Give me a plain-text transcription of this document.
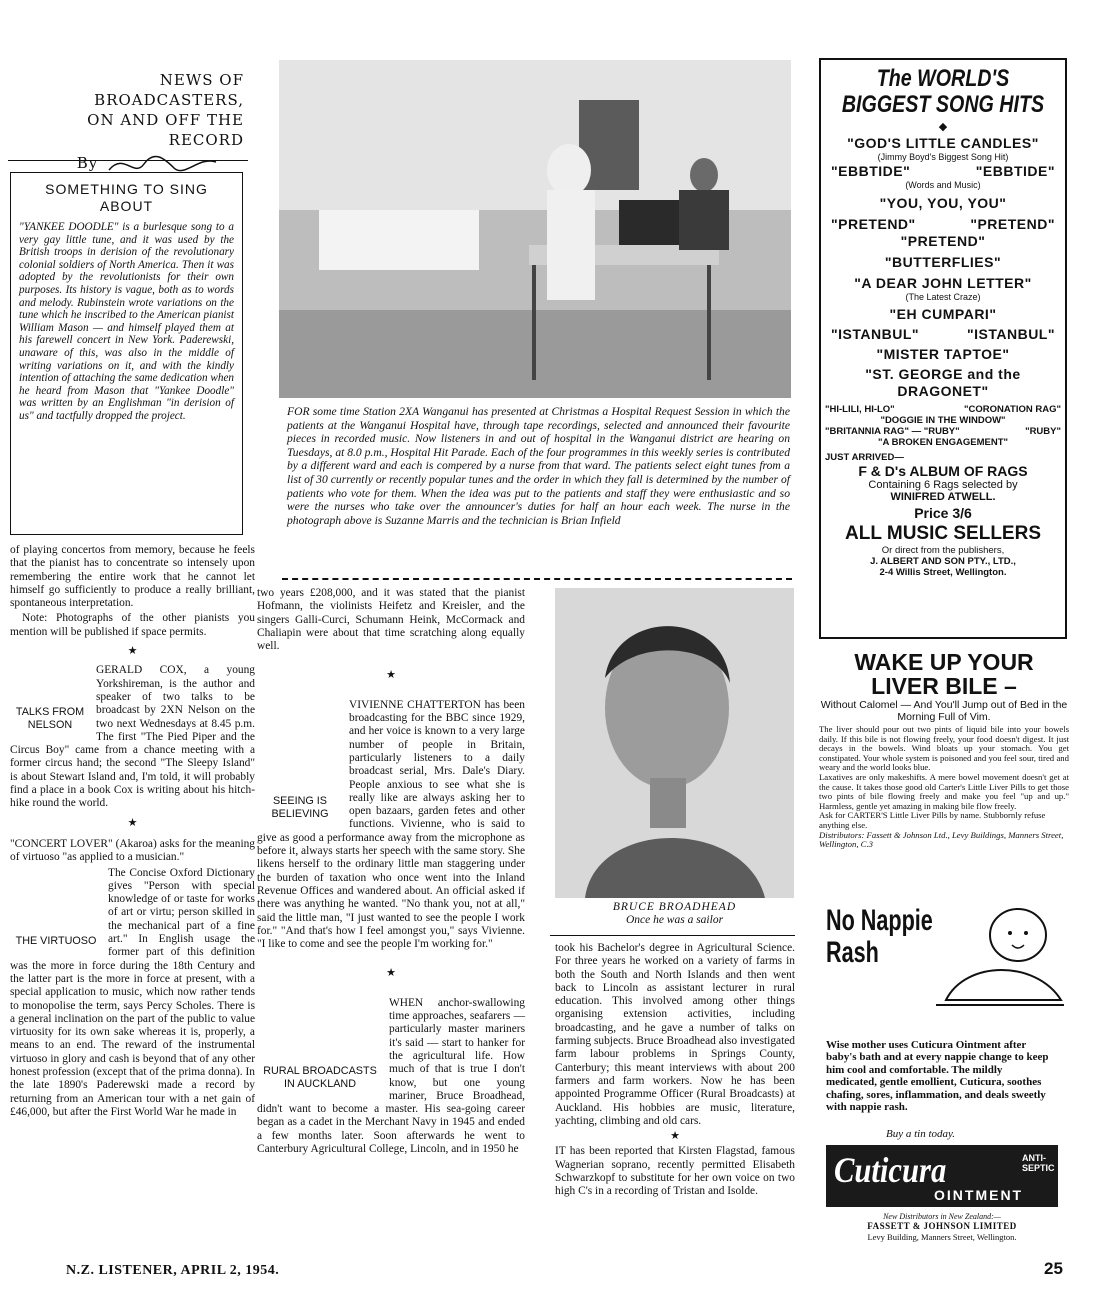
NEWS OF BROADCASTERS,
ON AND OFF THE RECORD
By
SOMETHING TO SING ABOUT
"YANKEE DOODLE" is a burlesque song to a very gay little tune, and it was used by the British troops in derision of the revolutionary colonial soldiers of North America. Then it was adopted by the revolutionists for their own purposes. Its history is vague, both as to words and melody. Rubinstein wrote variations on the tune which he inscribed to the American pianist William Mason — and himself played them at his farewell concert in New York. Paderewski, unaware of this, was also in the middle of writing variations on it, and with the kindly intention of attaching the same dedication when he heard from Mason that "Yankee Doodle" was written by an Englishman "in derision of us" and tactfully dropped the project.

of playing concertos from memory, because he feels that the pianist has to concentrate so intensely upon remembering the entire work that he cannot let himself go sufficiently to produce a really brilliant, spontaneous interpretation.

Note: Photographs of the other pianists you mention will be published if space permits.

★
TALKS FROM NELSON
GERALD COX, a young Yorkshireman, is the author and speaker of two talks to be broadcast by 2XN Nelson on the two next Wednesdays at 8.45 p.m. The first "The Pied Piper and the Circus Boy" came from a chance meeting with a former circus hand; the second "The Sleepy Island" is about Stewart Island and, I'm told, it will probably find a place in a book Cox is writing about his hitch-hike round the world.
★

"CONCERT LOVER" (Akaroa) asks for the meaning of virtuoso "as applied to a musician."

THE VIRTUOSO
The Concise Oxford Dictionary gives "Person with special knowledge of or taste for works of art or virtu; person skilled in the mechanical part of a fine art." In English usage the former part of this definition was the more in force during the 18th Century and the latter part is the more in force at present, with a special application to music, which now rather tends to monopolise the term, says Percy Scholes. There is a general inclination on the part of the public to value virtuosity for its own sake whereas it is, properly, a means to an end. The reward of the instrumental virtuoso in glory and cash is beyond that of any other honest profession (except that of the prima donna). In the late 1890's Paderewski made a record by returning from an American tour with a net gain of £46,000, but after the First World War he made in
FOR some time Station 2XA Wanganui has presented at Christmas a Hospital Request Session in which the patients at the Wanganui Hospital have, through tape recordings, selected and announced their favourite pieces in recorded music. Now listeners in and out of hospital in the Wanganui district are hearing on Tuesdays, at 8.0 p.m., Hospital Hit Parade. Each of the four programmes in this weekly series is contributed by a different ward and each is compered by a nurse from that ward. The patients select eight tunes from a list of 30 currently or recently popular tunes and the order in which they fall is determined by the number of patients who vote for them. When the idea was put to the patients and staff they were enthusiastic and so were the nurses who take over the announcer's duties for half an hour each week. The nurse in the photograph above is Suzanne Marris and the technician is Brian Infield

two years £208,000, and it was stated that the pianist Hofmann, the violinists Heifetz and Kreisler, and the singers Galli-Curci, Schumann Heink, McCormack and Chaliapin were about that time scratching along equally well.

★
SEEING IS BELIEVING
VIVIENNE CHATTERTON has been broadcasting for the BBC since 1929, and her voice is known to a very large number of people in Britain, particularly listeners to a daily broadcast serial, Mrs. Dale's Diary. People anxious to see what she is really like are always asking her to open bazaars, garden fetes and other functions. Vivienne, who is said to give as good a performance away from the microphone as before it, always starts her speech with the same story. She likens herself to the ordinary little man staggering under the burden of taxation who once went into the Inland Revenue Offices and wandered about. An official asked if there was anything he wanted. "No thank you, not at all," said the little man, "I just wanted to see the people I work for." "And that's how I feel amongst you," says Vivienne. "I like to come and see the people I'm working for."
★
RURAL BROADCASTS IN AUCKLAND
WHEN anchor-swallowing time approaches, seafarers — particularly master mariners it's said — start to hanker for the agricultural life. How much of that is true I don't know, but one young mariner, Bruce Broadhead, didn't want to become a master. His sea-going career began as a cadet in the Merchant Navy in 1945 and ended a few months later. Soon afterwards he went to Canterbury Agricultural College, Lincoln, and in 1950 he
BRUCE BROADHEAD
Once he was a sailor

took his Bachelor's degree in Agricultural Science. For three years he worked on a variety of farms in both the South and North Islands and then went back to Lincoln as assistant lecturer in rural education. This involved among other things organising extension activities, including broadcasting, and he gave a number of talks on farming subjects. Bruce Broadhead also investigated farm labour problems in Springs County, Canterbury; this meant interviews with about 200 farmers and farm workers. Now he has been appointed Programme Officer (Rural Broadcasts) at Auckland. His hobbies are music, literature, yachting, climbing and old cars.

★

IT has been reported that Kirsten Flagstad, famous Wagnerian soprano, recently permitted Elisabeth Schwarzkopf to substitute for her own voice on two high C's in a recording of Tristan and Isolde.

The WORLD'S BIGGEST SONG HITS
◆
"GOD'S LITTLE CANDLES"
(Jimmy Boyd's Biggest Song Hit)
"EBBTIDE"	"EBBTIDE"
(Words and Music)
"YOU, YOU, YOU"
"PRETEND"	"PRETEND"
"PRETEND"
"BUTTERFLIES"
"A DEAR JOHN LETTER"
(The Latest Craze)
"EH CUMPARI"
"ISTANBUL"	"ISTANBUL"
"MISTER TAPTOE"
"ST. GEORGE and the DRAGONET"
"HI-LILI, HI-LO"	"CORONATION RAG"
"DOGGIE IN THE WINDOW"
"BRITANNIA RAG" — "RUBY"	"RUBY"
"A BROKEN ENGAGEMENT"
JUST ARRIVED—
F & D's ALBUM OF RAGS
Containing 6 Rags selected by
WINIFRED ATWELL.
Price 3/6
ALL MUSIC SELLERS
Or direct from the publishers,
J. ALBERT AND SON PTY., LTD.,
2-4 Willis Street, Wellington.
WAKE UP YOUR
LIVER BILE –
Without Calomel — And You'll Jump out of Bed in the Morning Full of Vim.
The liver should pour out two pints of liquid bile into your bowels daily. If this bile is not flowing freely, your food doesn't digest. It just decays in the bowels. Wind bloats up your stomach. You get constipated. Your whole system is poisoned and you feel sour, tired and weary and the world looks blue.
Laxatives are only makeshifts. A mere bowel movement doesn't get at the cause. It takes those good old Carter's Little Liver Pills to get those two pints of bile flowing freely and make you feel "up and up." Harmless, gentle yet amazing in making bile flow freely.
Ask for CARTER'S Little Liver Pills by name. Stubbornly refuse anything else.
Distributors: Fassett & Johnson Ltd., Levy Buildings, Manners Street, Wellington, C.3
No Nappie
Rash
Wise mother uses Cuticura Ointment after baby's bath and at every nappie change to keep him cool and comfortable. The mildly medicated, gentle emollient, Cuticura, soothes chafing, sores, inflammation, and deals sweetly with nappie rash.
Buy a tin today.
Cuticura	ANTI- SEPTIC
OINTMENT
New Distributors in New Zealand:—
FASSETT & JOHNSON LIMITED
Levy Building, Manners Street, Wellington.
N.Z. LISTENER, APRIL 2, 1954.	25
